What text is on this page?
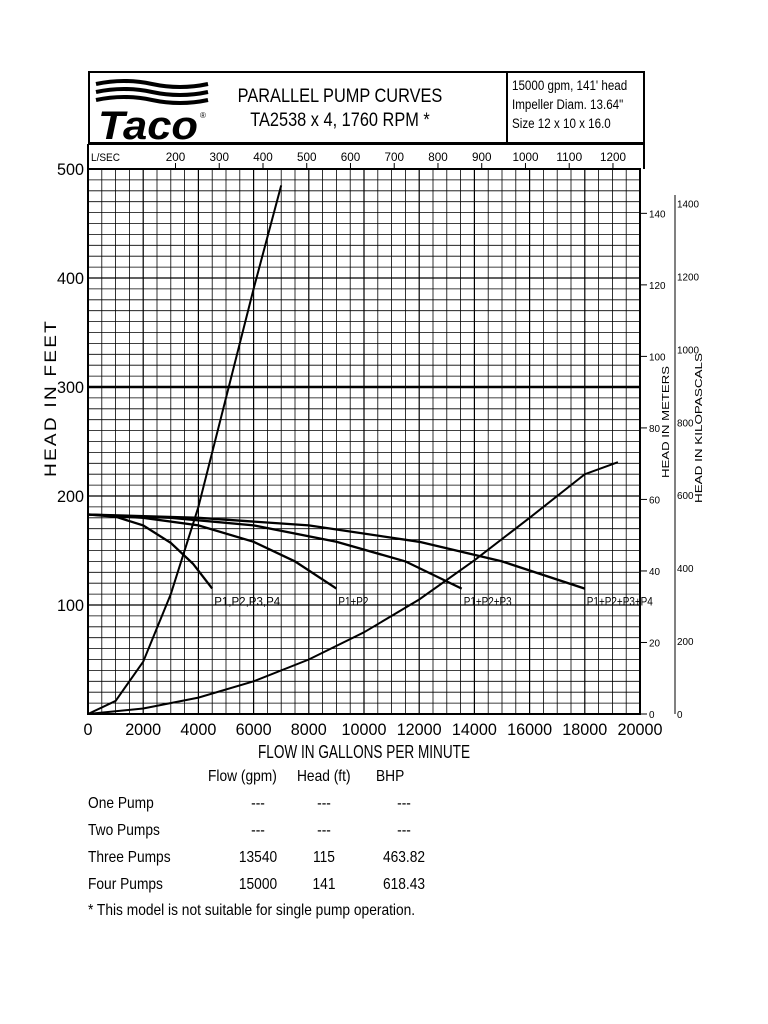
Taco ®
PARALLEL PUMP CURVES
TA2538 x 4, 1760 RPM *
15000 gpm, 141' head
Impeller Diam. 13.64"
Size 12 x 10 x 16.0
P1,P2,P3,P4	P1+P2	P1+P2+P3	P1+P2+P3+P4
0 2000 4000 6000 8000 10000 12000 14000 16000 18000 20000
100
200
300
400
500
L/SEC	200 300 400 500 600 700 800 900 1000 1100 1200
0
20
40
60
80
100
120
140
0
200
400
600
800
1000
1200
1400
FLOW IN GALLONS PER MINUTE
HEAD IN FEET	HEAD IN METERS HEAD IN KILOPASCALS
Flow (gpm) Head (ft) BHP
One Pump	---	---	---
Two Pumps	---	---	---
Three Pumps	13540	115	463.82
Four Pumps	15000	141	618.43
* This model is not suitable for single pump operation.
